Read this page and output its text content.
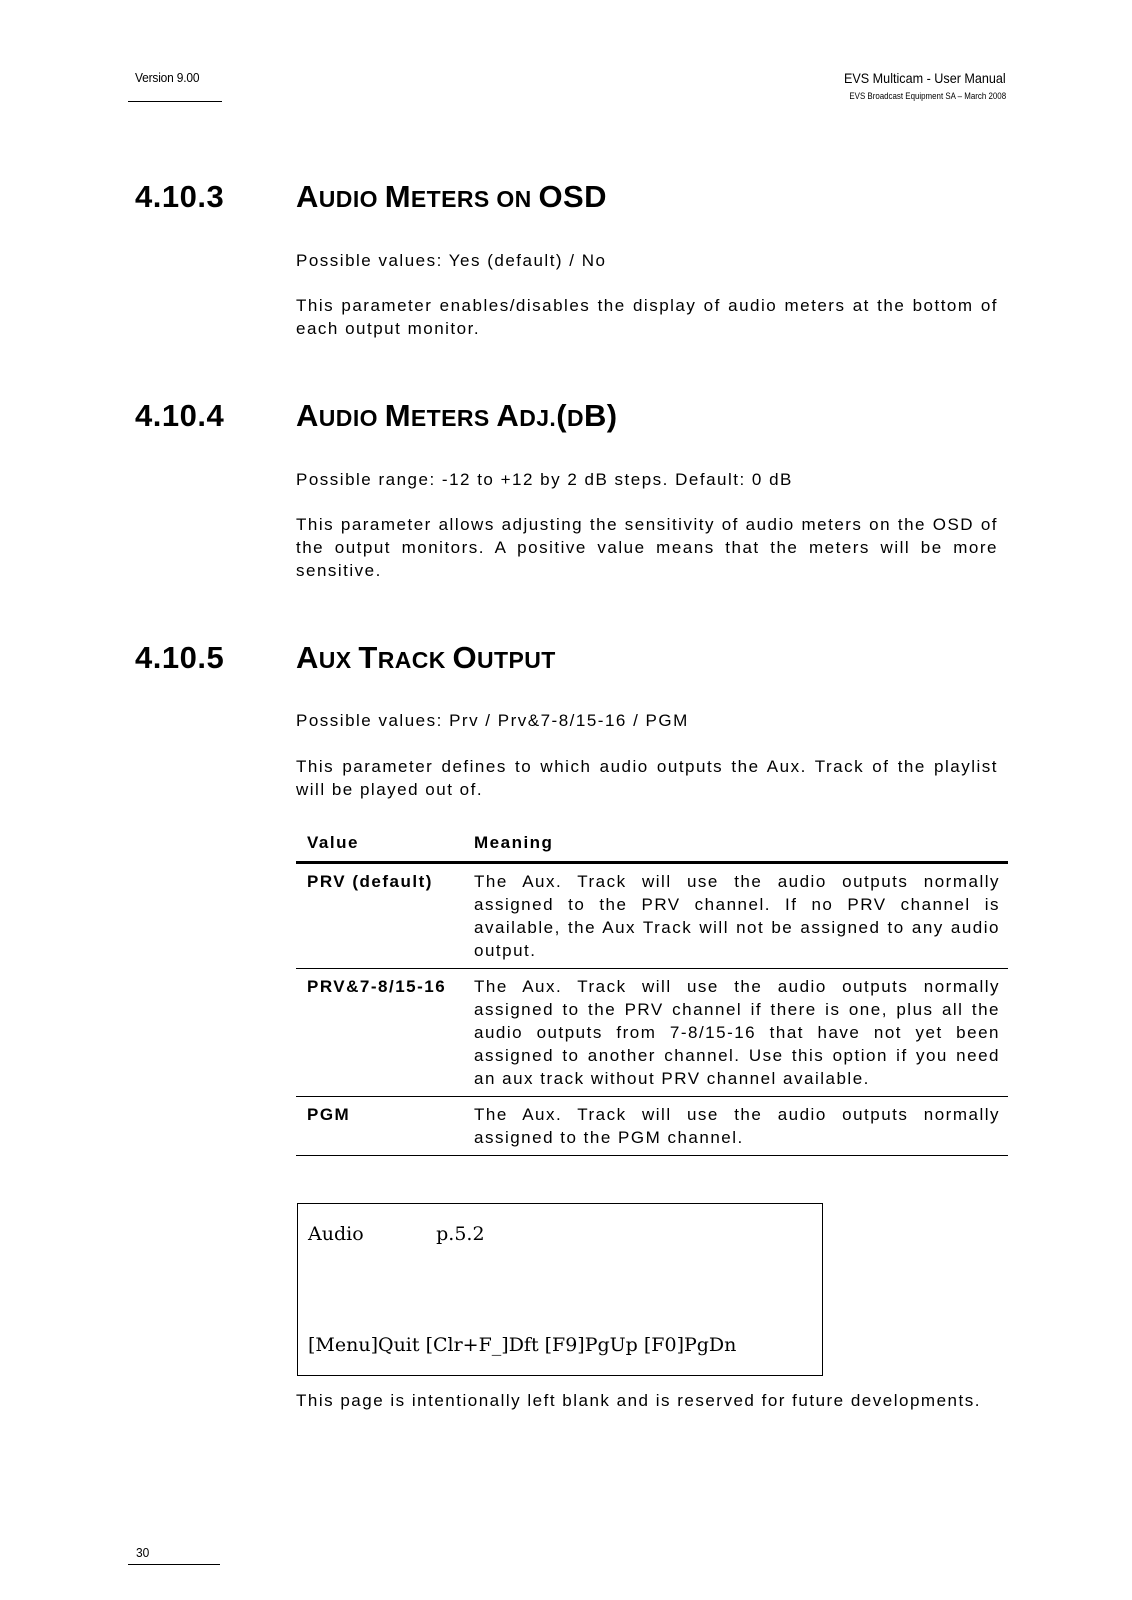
Version 9.00	EVS Multicam - User Manual
EVS Broadcast Equipment SA – March 2008
4.10.3 AUDIO METERS ON OSD
Possible values: Yes (default) / No
This parameter enables/disables the display of audio meters at the bottom of each output monitor.
4.10.4 AUDIO METERS ADJ.(DB)
Possible range: -12 to +12 by 2 dB steps. Default: 0 dB
This parameter allows adjusting the sensitivity of audio meters on the OSD of the output monitors. A positive value means that the meters will be more sensitive.
4.10.5 AUX TRACK OUTPUT
Possible values: Prv / Prv&7-8/15-16 / PGM
This parameter defines to which audio outputs the Aux. Track of the playlist will be played out of.
Value	Meaning
PRV (default)	The Aux. Track will use the audio outputs normally assigned to the PRV channel. If no PRV channel is available, the Aux Track will not be assigned to any audio output.
PRV&7-8/15-16	The Aux. Track will use the audio outputs normally assigned to the PRV channel if there is one, plus all the audio outputs from 7-8/15-16 that have not yet been assigned to another channel. Use this option if you need an aux track without PRV channel available.
PGM	The Aux. Track will use the audio outputs normally assigned to the PGM channel.
Audio            p.5.2
[Menu]Quit [Clr+F_]Dft [F9]PgUp [F0]PgDn
This page is intentionally left blank and is reserved for future developments.
30
